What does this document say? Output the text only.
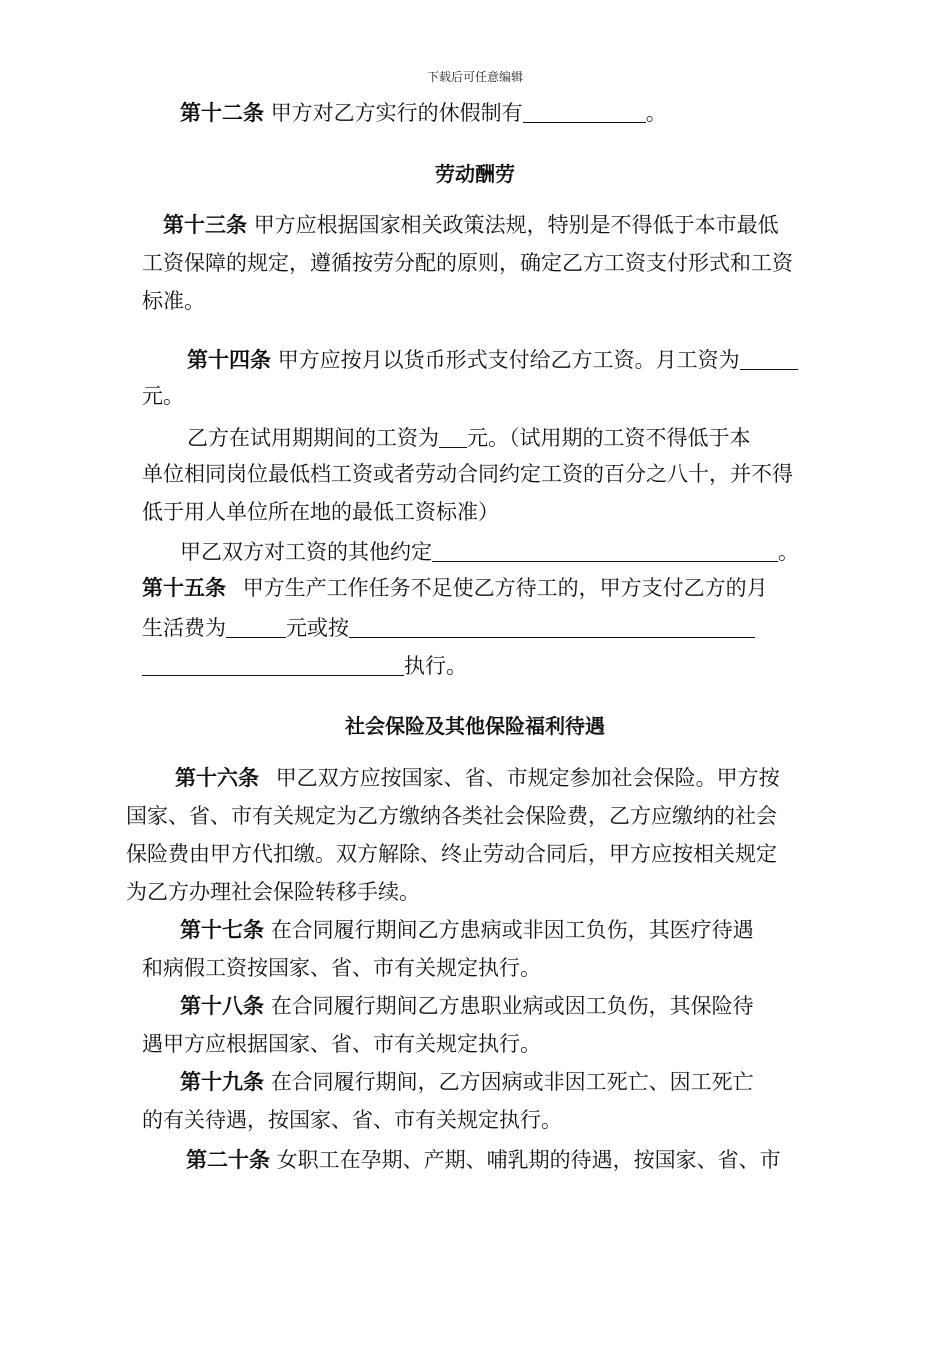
下载后可任意编辑
第十二条 甲方对乙方实行的休假制有	。
劳动酬劳
第十三条 甲方应根据国家相关政策法规，特别是不得低于本市最低
工资保障的规定，遵循按劳分配的原则，确定乙方工资支付形式和工资
标准。
第十四条 甲方应按月以货币形式支付给乙方工资。月工资为
元。
乙方在试用期期间的工资为 元。（试用期的工资不得低于本
单位相同岗位最低档工资或者劳动合同约定工资的百分之八十，并不得
低于用人单位所在地的最低工资标准）
甲乙双方对工资的其他约定	。
第十五条 甲方生产工作任务不足使乙方待工的，甲方支付乙方的月
生活费为	元或按
执行。
社会保险及其他保险福利待遇
第十六条 甲乙双方应按国家、省、市规定参加社会保险。甲方按
国家、省、市有关规定为乙方缴纳各类社会保险费，乙方应缴纳的社会
保险费由甲方代扣缴。双方解除、终止劳动合同后，甲方应按相关规定
为乙方办理社会保险转移手续。
第十七条 在合同履行期间乙方患病或非因工负伤，其医疗待遇
和病假工资按国家、省、市有关规定执行。
第十八条 在合同履行期间乙方患职业病或因工负伤，其保险待
遇甲方应根据国家、省、市有关规定执行。
第十九条 在合同履行期间，乙方因病或非因工死亡、因工死亡
的有关待遇，按国家、省、市有关规定执行。
第二十条 女职工在孕期、产期、哺乳期的待遇，按国家、省、市
